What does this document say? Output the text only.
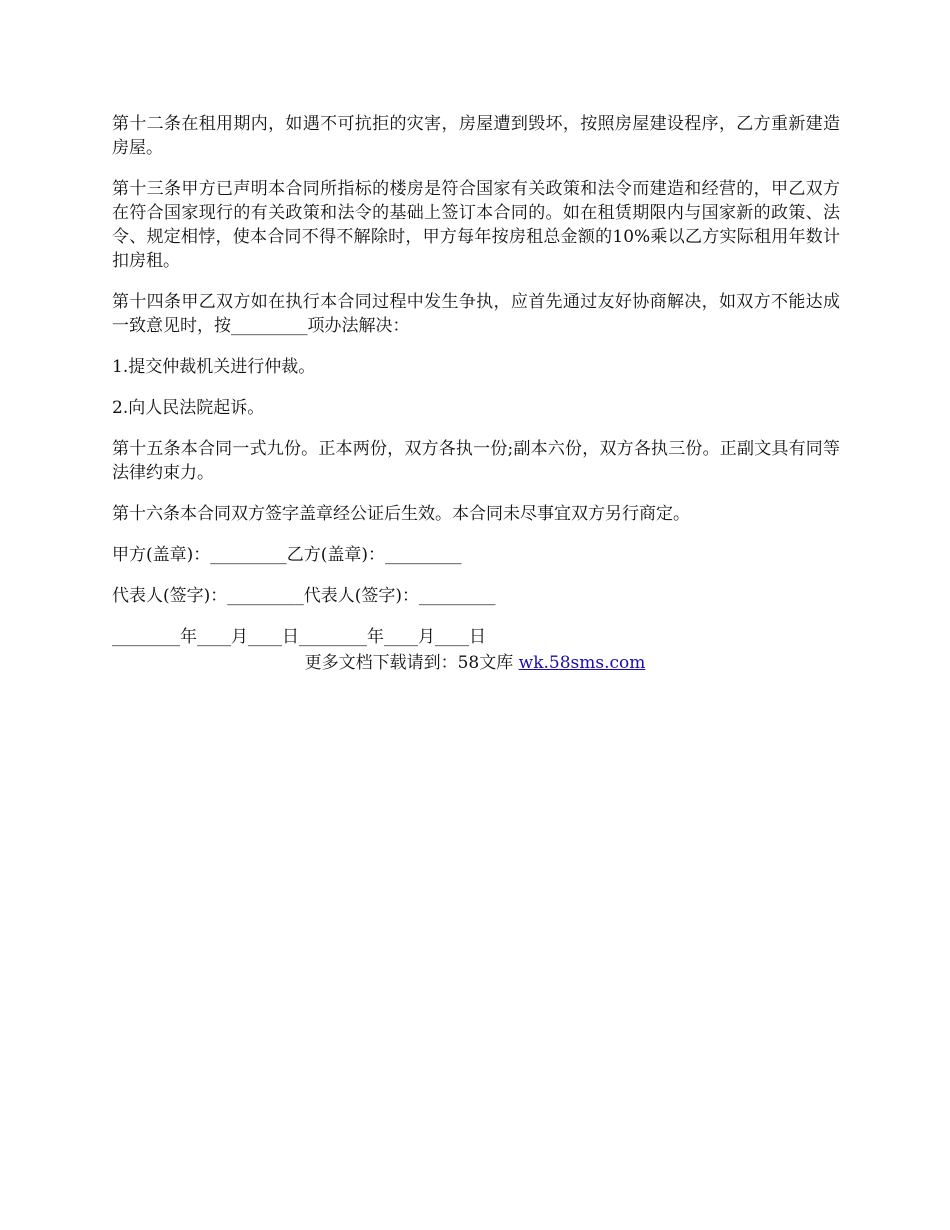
第十二条在租用期内，如遇不可抗拒的灾害，房屋遭到毁坏，按照房屋建设程序，乙方重新建造房屋。

第十三条甲方已声明本合同所指标的楼房是符合国家有关政策和法令而建造和经营的，甲乙双方在符合国家现行的有关政策和法令的基础上签订本合同的。如在租赁期限内与国家新的政策、法令、规定相悖，使本合同不得不解除时，甲方每年按房租总金额的10%乘以乙方实际租用年数计扣房租。

第十四条甲乙双方如在执行本合同过程中发生争执，应首先通过友好协商解决，如双方不能达成一致意见时，按_________项办法解决：

1.提交仲裁机关进行仲裁。

2.向人民法院起诉。

第十五条本合同一式九份。正本两份，双方各执一份;副本六份，双方各执三份。正副文具有同等法律约束力。

第十六条本合同双方签字盖章经公证后生效。本合同未尽事宜双方另行商定。

甲方(盖章)：_________乙方(盖章)：_________

代表人(签字)：_________代表人(签字)：_________

________年____月____日________年____月____日

更多文档下载请到：58文库 wk.58sms.com
